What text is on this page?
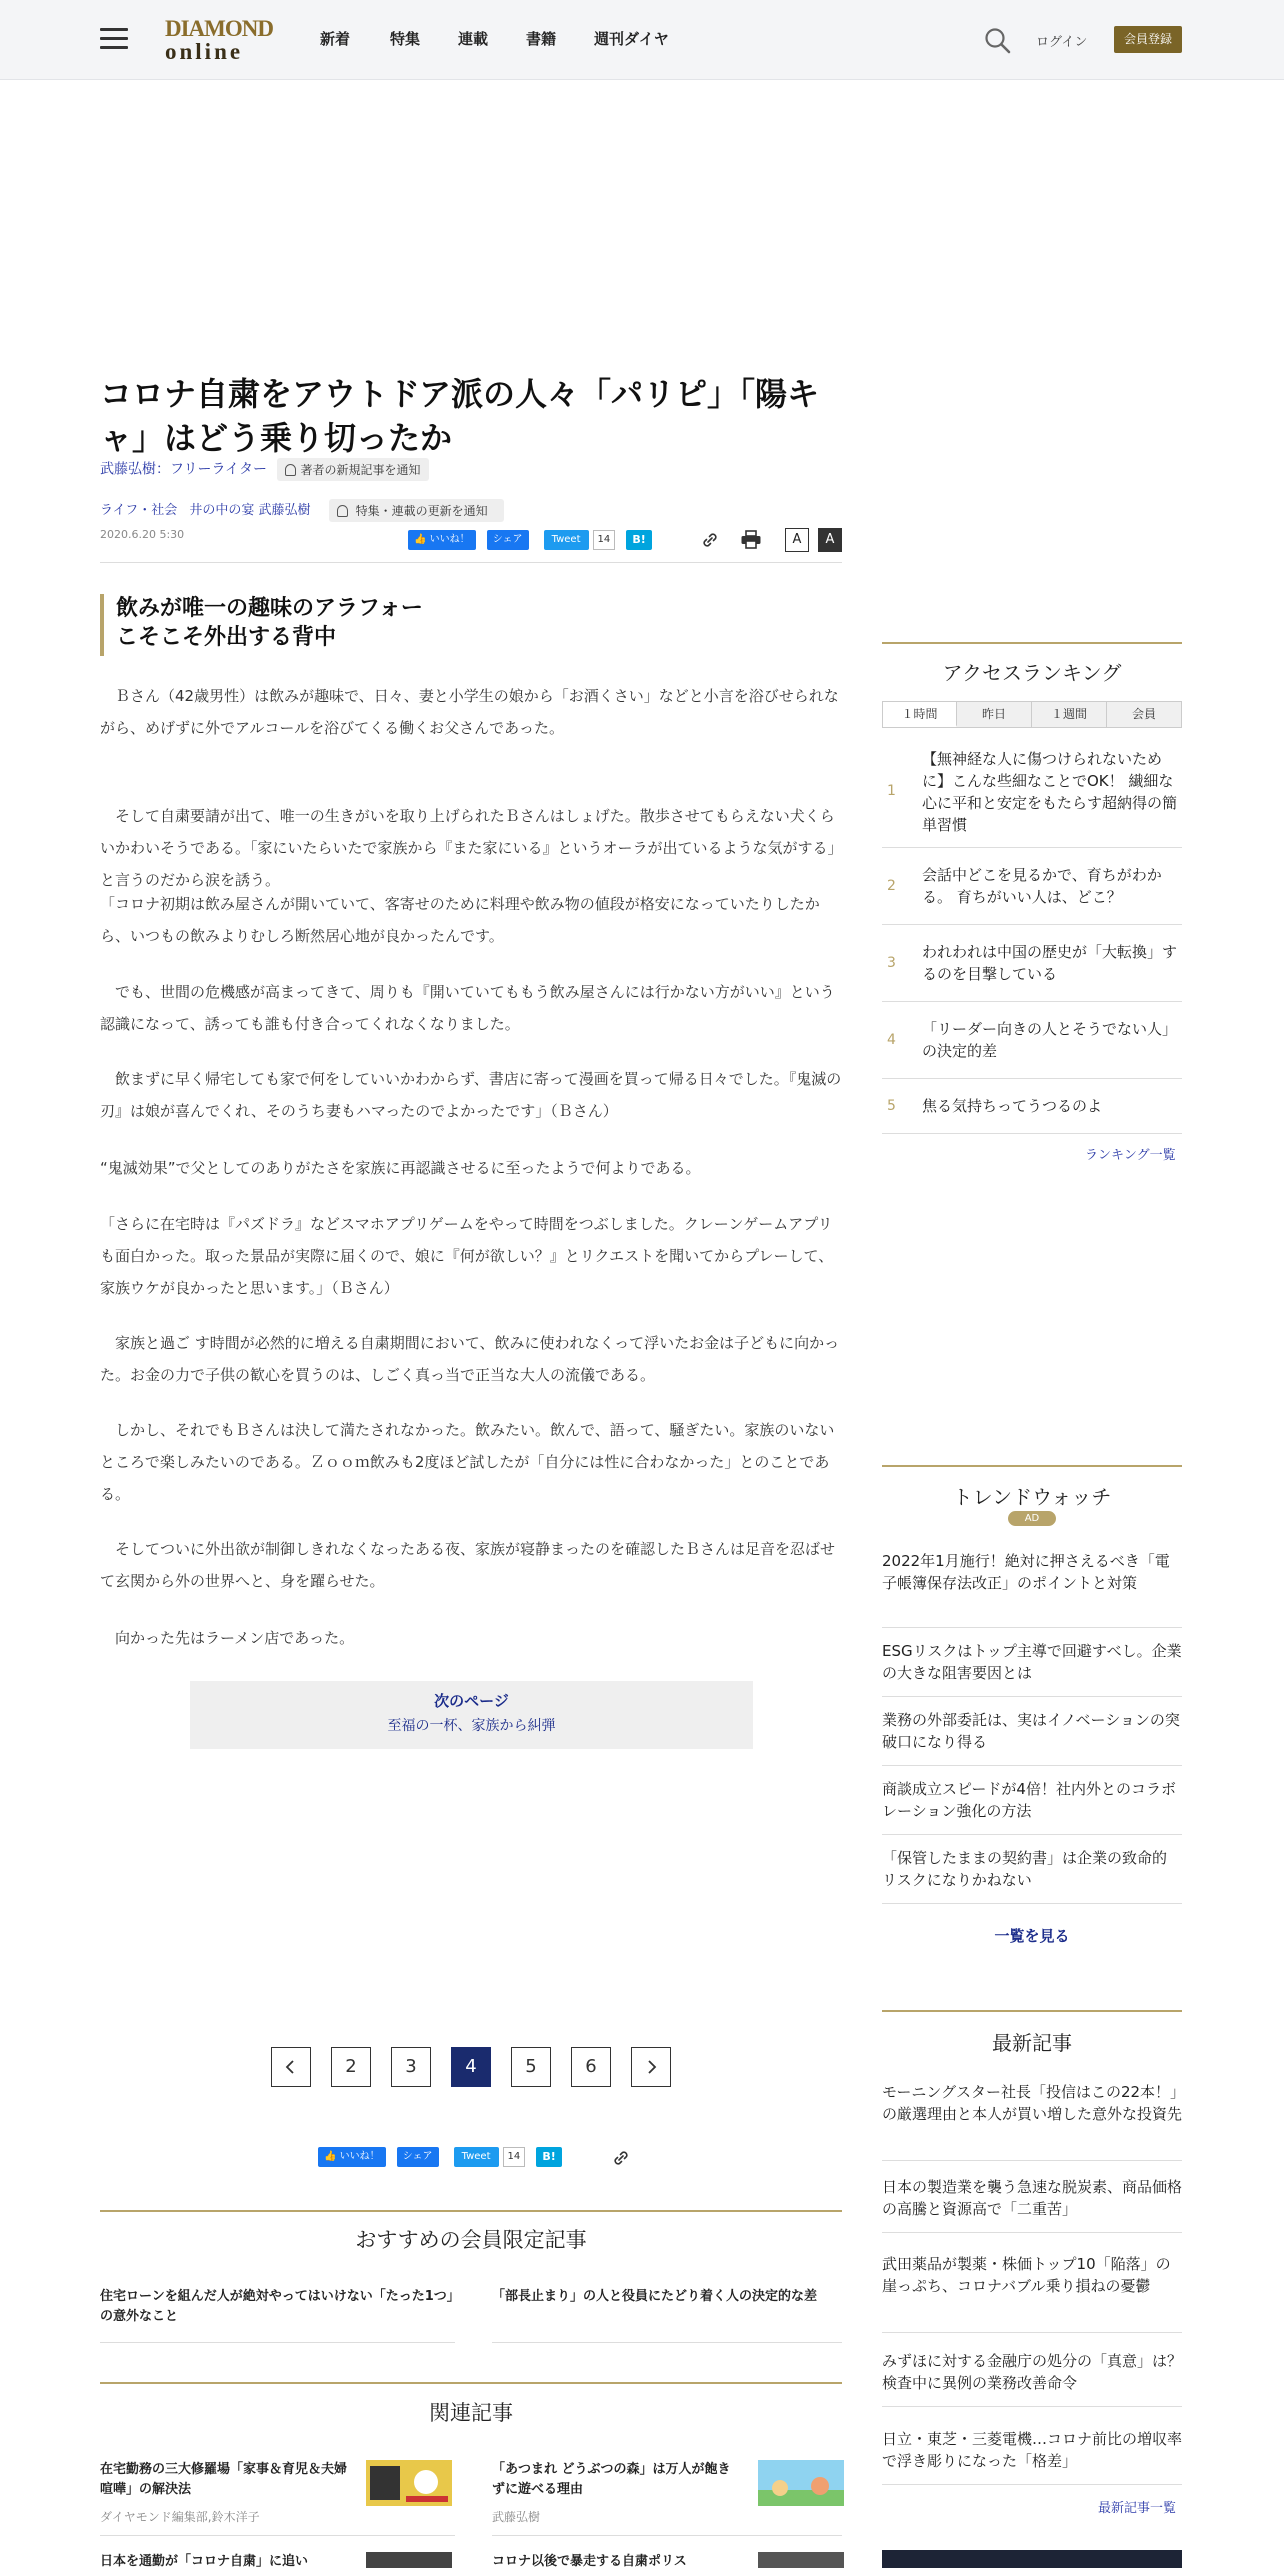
DIAMOND
online	新着	特集	連載	書籍	週刊ダイヤ	ログイン	会員登録
コロナ自粛をアウトドア派の人々「パリピ」「陽キャ」はどう乗り切ったか
武藤弘樹：フリーライター	著者の新規記事を通知
ライフ・社会 井の中の宴 武藤弘樹	特集・連載の更新を通知
2020.6.20 5:30	👍 いいね！ シェア	Tweet 14 B!	A	A
飲みが唯一の趣味のアラフォー
こそこそ外出する背中

　Ｂさん（42歳男性）は飲みが趣味で、日々、妻と小学生の娘から「お酒くさい」などと小言を浴びせられながら、めげずに外でアルコールを浴びてくる働くお父さんであった。

　そして自粛要請が出て、唯一の生きがいを取り上げられたＢさんはしょげた。散歩させてもらえない犬くらいかわいそうである。「家にいたらいたで家族から『また家にいる』というオーラが出ているような気がする」と言うのだから涙を誘う。

「コロナ初期は飲み屋さんが開いていて、客寄せのために料理や飲み物の値段が格安になっていたりしたから、いつもの飲みよりむしろ断然居心地が良かったんです。

　でも、世間の危機感が高まってきて、周りも『開いていてももう飲み屋さんには行かない方がいい』という認識になって、誘っても誰も付き合ってくれなくなりました。

　飲まずに早く帰宅しても家で何をしていいかわからず、書店に寄って漫画を買って帰る日々でした。『鬼滅の刃』は娘が喜んでくれ、そのうち妻もハマったのでよかったです」（Ｂさん）

“鬼滅効果”で父としてのありがたさを家族に再認識させるに至ったようで何よりである。

「さらに在宅時は『パズドラ』などスマホアプリゲームをやって時間をつぶしました。クレーンゲームアプリも面白かった。取った景品が実際に届くので、娘に『何が欲しい？』とリクエストを聞いてからプレーして、家族ウケが良かったと思います。」（Ｂさん）

　家族と過ご す時間が必然的に増える自粛期間において、飲みに使われなくって浮いたお金は子どもに向かった。お金の力で子供の歓心を買うのは、しごく真っ当で正当な大人の流儀である。

　しかし、それでもＢさんは決して満たされなかった。飲みたい。飲んで、語って、騒ぎたい。家族のいないところで楽しみたいのである。Ｚｏｏｍ飲みも2度ほど試したが「自分には性に合わなかった」とのことである。

　そしてついに外出欲が制御しきれなくなったある夜、家族が寝静まったのを確認したＢさんは足音を忍ばせて玄関から外の世界へと、身を躍らせた。

　向かった先はラーメン店であった。

次のページ
至福の一杯、家族から糾弾
2	3	4	5	6
👍 いいね！ シェア	Tweet 14 B!
おすすめの会員限定記事
住宅ローンを組んだ人が絶対やってはいけない「たった1つ」の意外なこと
「部長止まり」の人と役員にたどり着く人の決定的な差
関連記事
在宅勤務の三大修羅場「家事＆育児＆夫婦喧嘩」の解決法
ダイヤモンド編集部,鈴木洋子
「あつまれ どうぶつの森」は万人が飽きずに遊べる理由
武藤弘樹
日本を通勤が「コロナ自粛」に追い	コロナ以後で暴走する自粛ポリス
アクセスランキング
１時間	昨日	１週間	会員
1
【無神経な人に傷つけられないために】こんな些細なことでOK！ 繊細な心に平和と安定をもたらす超納得の簡単習慣
2
会話中どこを見るかで、育ちがわかる。 育ちがいい人は、どこ？
3
われわれは中国の歴史が「大転換」するのを目撃している
4
「リーダー向きの人とそうでない人」の決定的差
5 焦る気持ちってうつるのよ
ランキング一覧
トレンドウォッチ
AD
2022年1月施行！絶対に押さえるべき「電子帳簿保存法改正」のポイントと対策
ESGリスクはトップ主導で回避すべし。企業の大きな阻害要因とは
業務の外部委託は、実はイノベーションの突破口になり得る
商談成立スピードが4倍！社内外とのコラボレーション強化の方法
「保管したままの契約書」は企業の致命的リスクになりかねない
一覧を見る
最新記事
モーニングスター社長「投信はこの22本！」の厳選理由と本人が買い増した意外な投資先
日本の製造業を襲う急速な脱炭素、商品価格の高騰と資源高で「二重苦」
武田薬品が製薬・株価トップ10「陥落」の崖っぷち、コロナバブル乗り損ねの憂鬱
みずほに対する金融庁の処分の「真意」は？検査中に異例の業務改善命令
日立・東芝・三菱電機…コロナ前比の増収率で浮き彫りになった「格差」
最新記事一覧
